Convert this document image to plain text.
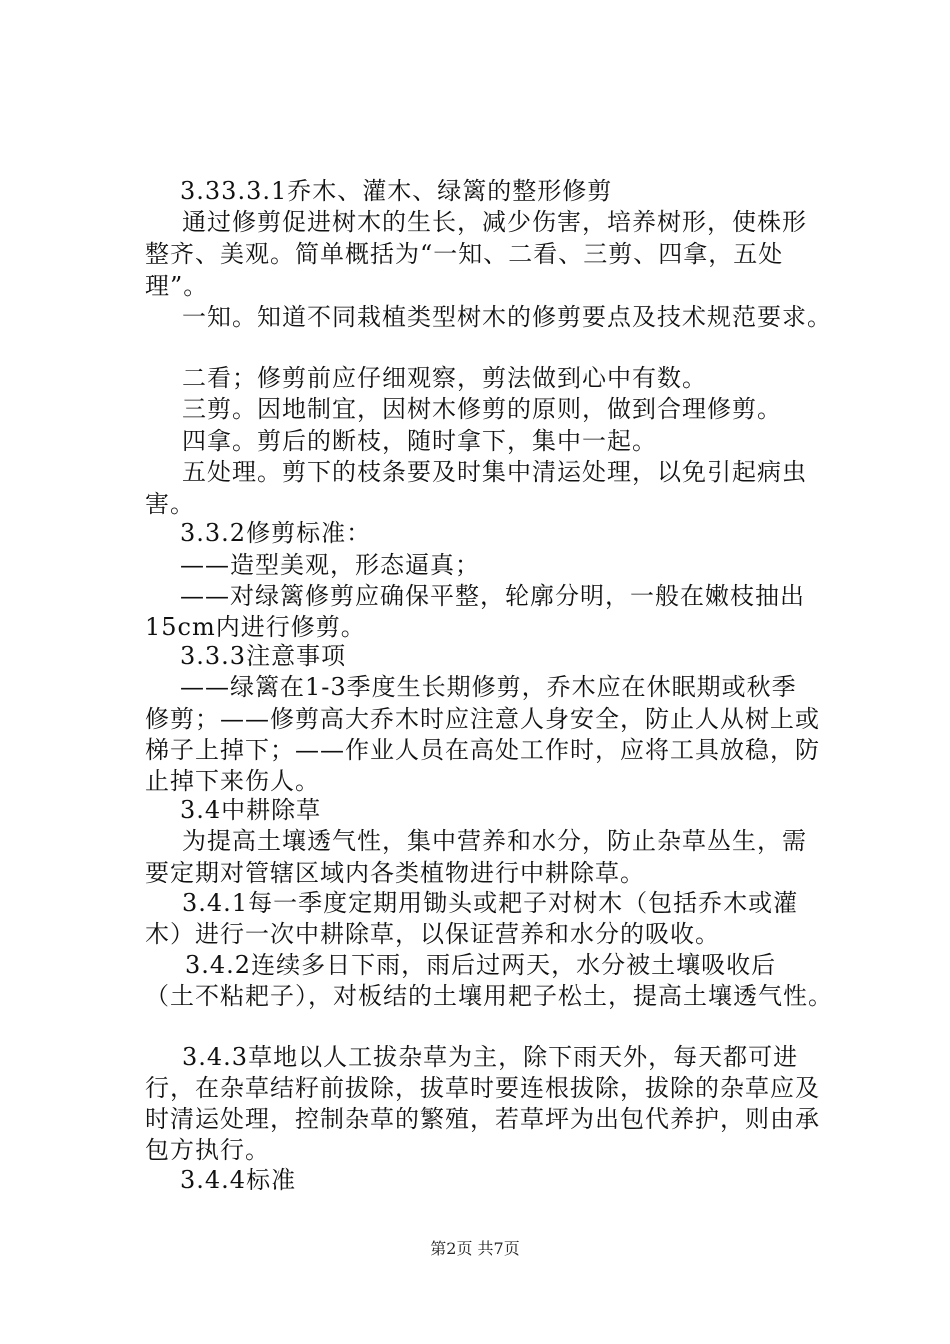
3.33.3.1乔木、灌木、绿篱的整形修剪
通过修剪促进树木的生长，减少伤害，培养树形，使株形
整齐、美观。简单概括为“一知、二看、三剪、四拿，五处
理”。
一知。知道不同栽植类型树木的修剪要点及技术规范要求。
二看；修剪前应仔细观察，剪法做到心中有数。
三剪。因地制宜，因树木修剪的原则，做到合理修剪。
四拿。剪后的断枝，随时拿下，集中一起。
五处理。剪下的枝条要及时集中清运处理，以免引起病虫
害。
3.3.2修剪标准：
——造型美观，形态逼真；
——对绿篱修剪应确保平整，轮廓分明，一般在嫩枝抽出
15cm内进行修剪。
3.3.3注意事项
——绿篱在1-3季度生长期修剪，乔木应在休眠期或秋季
修剪；——修剪高大乔木时应注意人身安全，防止人从树上或
梯子上掉下；——作业人员在高处工作时，应将工具放稳，防
止掉下来伤人。
3.4中耕除草
为提高土壤透气性，集中营养和水分，防止杂草丛生，需
要定期对管辖区域内各类植物进行中耕除草。
3.4.1每一季度定期用锄头或耙子对树木（包括乔木或灌
木）进行一次中耕除草，以保证营养和水分的吸收。
3.4.2连续多日下雨，雨后过两天，水分被土壤吸收后
（土不粘耙子），对板结的土壤用耙子松土，提高土壤透气性。
3.4.3草地以人工拔杂草为主，除下雨天外，每天都可进
行，在杂草结籽前拔除，拔草时要连根拔除，拔除的杂草应及
时清运处理，控制杂草的繁殖，若草坪为出包代养护，则由承
包方执行。
3.4.4标准
第2页 共7页
